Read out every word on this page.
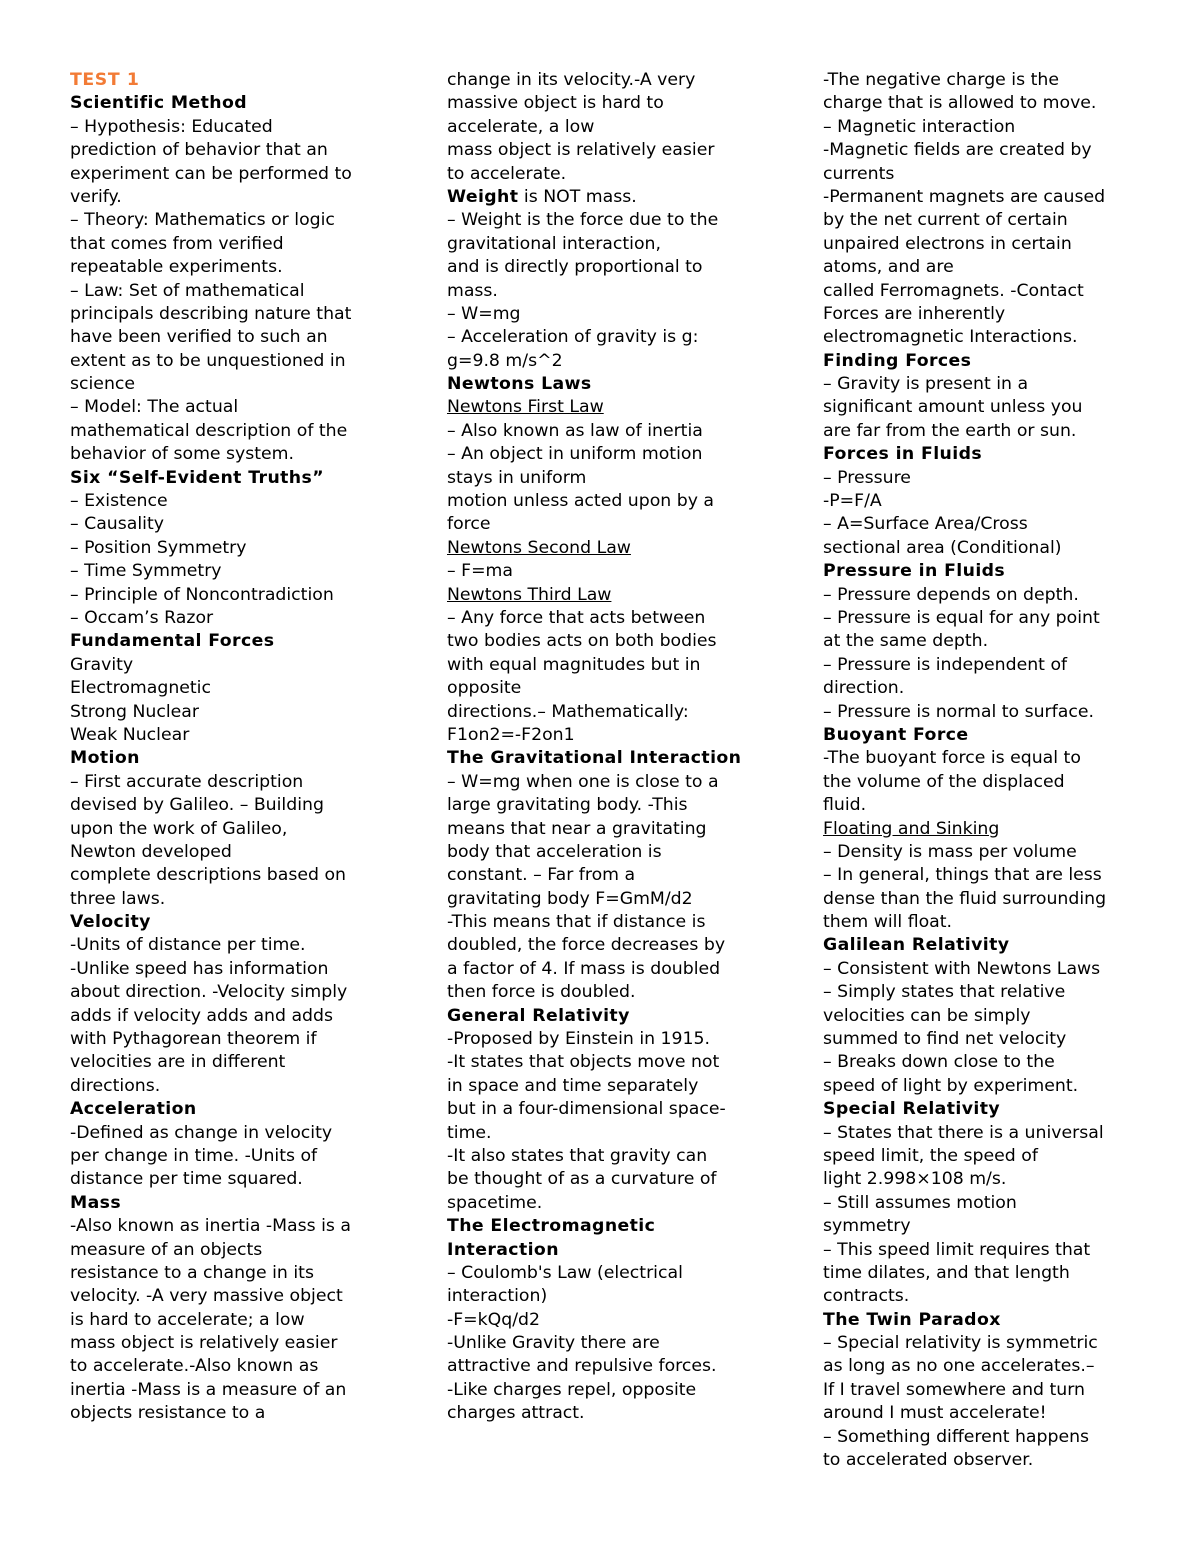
TEST 1
Scientific Method
– Hypothesis: Educated
prediction of behavior that an
experiment can be performed to
verify.
– Theory: Mathematics or logic
that comes from verified
repeatable experiments.
– Law: Set of mathematical
principals describing nature that
have been verified to such an
extent as to be unquestioned in
science
– Model: The actual
mathematical description of the
behavior of some system.
Six “Self-Evident Truths”
– Existence
– Causality
– Position Symmetry
– Time Symmetry
– Principle of Noncontradiction
– Occam’s Razor
Fundamental Forces
Gravity
Electromagnetic
Strong Nuclear
Weak Nuclear
Motion
– First accurate description
devised by Galileo. – Building
upon the work of Galileo,
Newton developed
complete descriptions based on
three laws.
Velocity
-Units of distance per time.
-Unlike speed has information
about direction. -Velocity simply
adds if velocity adds and adds
with Pythagorean theorem if
velocities are in different
directions.
Acceleration
-Defined as change in velocity
per change in time. -Units of
distance per time squared.
Mass
-Also known as inertia -Mass is a
measure of an objects
resistance to a change in its
velocity. -A very massive object
is hard to accelerate; a low
mass object is relatively easier
to accelerate.-Also known as
inertia -Mass is a measure of an
objects resistance to a
change in its velocity.-A very
massive object is hard to
accelerate, a low
mass object is relatively easier
to accelerate.
Weight is NOT mass.
– Weight is the force due to the
gravitational interaction,
and is directly proportional to
mass.
– W=mg
– Acceleration of gravity is g:
g=9.8 m/s^2
Newtons Laws
Newtons First Law
– Also known as law of inertia
– An object in uniform motion
stays in uniform
motion unless acted upon by a
force
Newtons Second Law
– F=ma
Newtons Third Law
– Any force that acts between
two bodies acts on both bodies
with equal magnitudes but in
opposite
directions.– Mathematically:
F1on2=-F2on1
The Gravitational Interaction
– W=mg when one is close to a
large gravitating body. -This
means that near a gravitating
body that acceleration is
constant. – Far from a
gravitating body F=GmM/d2
-This means that if distance is
doubled, the force decreases by
a factor of 4. If mass is doubled
then force is doubled.
General Relativity
-Proposed by Einstein in 1915.
-It states that objects move not
in space and time separately
but in a four-dimensional space-
time.
-It also states that gravity can
be thought of as a curvature of
spacetime.
The Electromagnetic
Interaction
– Coulomb's Law (electrical
interaction)
-F=kQq/d2
-Unlike Gravity there are
attractive and repulsive forces.
-Like charges repel, opposite
charges attract.
-The negative charge is the
charge that is allowed to move.
– Magnetic interaction
-Magnetic fields are created by
currents
-Permanent magnets are caused
by the net current of certain
unpaired electrons in certain
atoms, and are
called Ferromagnets. -Contact
Forces are inherently
electromagnetic Interactions.
Finding Forces
– Gravity is present in a
significant amount unless you
are far from the earth or sun.
Forces in Fluids
– Pressure
-P=F/A
– A=Surface Area/Cross
sectional area (Conditional)
Pressure in Fluids
– Pressure depends on depth.
– Pressure is equal for any point
at the same depth.
– Pressure is independent of
direction.
– Pressure is normal to surface.
Buoyant Force
-The buoyant force is equal to
the volume of the displaced
fluid.
Floating and Sinking
– Density is mass per volume
– In general, things that are less
dense than the fluid surrounding
them will float.
Galilean Relativity
– Consistent with Newtons Laws
– Simply states that relative
velocities can be simply
summed to find net velocity
– Breaks down close to the
speed of light by experiment.
Special Relativity
– States that there is a universal
speed limit, the speed of
light 2.998×108 m/s.
– Still assumes motion
symmetry
– This speed limit requires that
time dilates, and that length
contracts.
The Twin Paradox
– Special relativity is symmetric
as long as no one accelerates.–
If I travel somewhere and turn
around I must accelerate!
– Something different happens
to accelerated observer.
